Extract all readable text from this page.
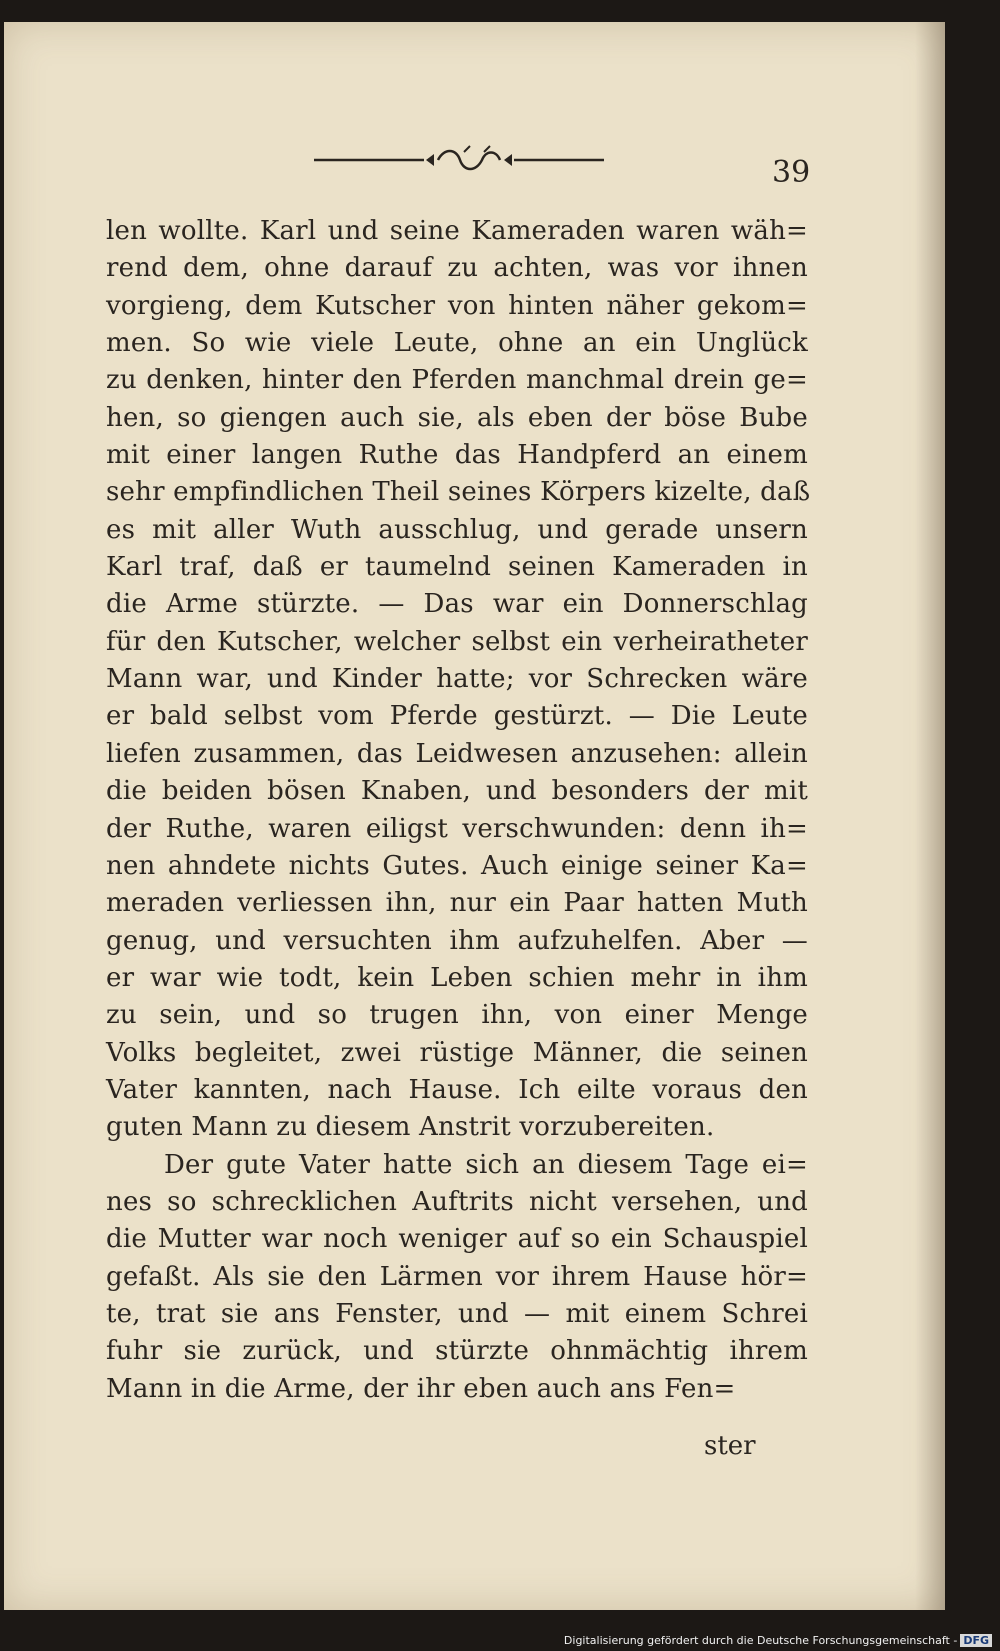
39
len wollte. Karl und seine Kameraden waren wäh=
rend dem, ohne darauf zu achten, was vor ihnen
vorgieng, dem Kutscher von hinten näher gekom=
men. So wie viele Leute, ohne an ein Unglück
zu denken, hinter den Pferden manchmal drein ge=
hen, so giengen auch sie, als eben der böse Bube
mit einer langen Ruthe das Handpferd an einem
sehr empfindlichen Theil seines Körpers kizelte, daß
es mit aller Wuth ausschlug, und gerade unsern
Karl traf, daß er taumelnd seinen Kameraden in
die Arme stürzte. — Das war ein Donnerschlag
für den Kutscher, welcher selbst ein verheiratheter
Mann war, und Kinder hatte; vor Schrecken wäre
er bald selbst vom Pferde gestürzt. — Die Leute
liefen zusammen, das Leidwesen anzusehen: allein
die beiden bösen Knaben, und besonders der mit
der Ruthe, waren eiligst verschwunden: denn ih=
nen ahndete nichts Gutes. Auch einige seiner Ka=
meraden verliessen ihn, nur ein Paar hatten Muth
genug, und versuchten ihm aufzuhelfen. Aber —
er war wie todt, kein Leben schien mehr in ihm
zu sein, und so trugen ihn, von einer Menge
Volks begleitet, zwei rüstige Männer, die seinen
Vater kannten, nach Hause. Ich eilte voraus den
guten Mann zu diesem Anstrit vorzubereiten.
Der gute Vater hatte sich an diesem Tage ei=
nes so schrecklichen Auftrits nicht versehen, und
die Mutter war noch weniger auf so ein Schauspiel
gefaßt. Als sie den Lärmen vor ihrem Hause hör=
te, trat sie ans Fenster, und — mit einem Schrei
fuhr sie zurück, und stürzte ohnmächtig ihrem
Mann in die Arme, der ihr eben auch ans Fen=
ster
Digitalisierung gefördert durch die Deutsche Forschungsgemeinschaft - DFG
